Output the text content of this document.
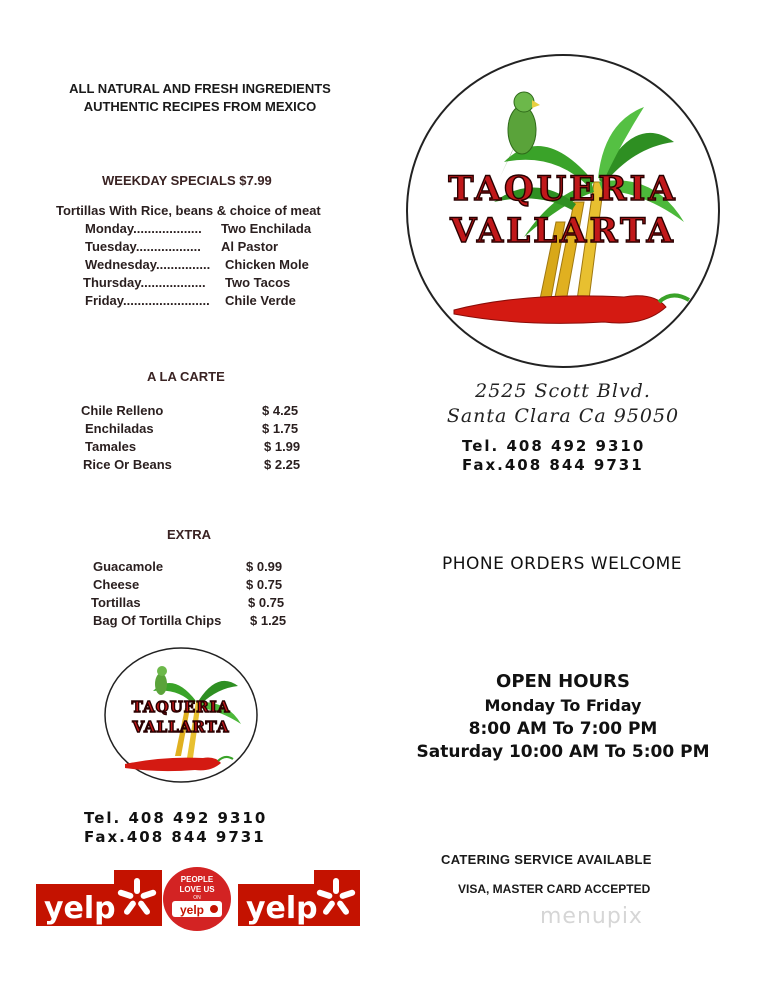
ALL NATURAL AND FRESH INGREDIENTS
AUTHENTIC RECIPES FROM MEXICO
WEEKDAY SPECIALS $7.99
Tortillas With Rice, beans & choice of meat
Monday................... Two Enchilada
Tuesday.................. Al Pastor
Wednesday............... Chicken Mole
Thursday.................. Two Tacos
Friday........................ Chile Verde
A LA CARTE
Chile Relleno	$ 4.25
Enchiladas	$ 1.75
Tamales	$ 1.99
Rice Or Beans	$ 2.25
EXTRA
Guacamole	$ 0.99
Cheese	$ 0.75
Tortillas	$ 0.75
Bag Of Tortilla Chips $ 1.25
TAQUERIA
VALLARTA
2525 Scott Blvd.
Santa Clara Ca 95050
Tel. 408 492 9310
Fax.408 844 9731
PHONE ORDERS WELCOME
OPEN HOURS
Monday To Friday
8:00 AM To 7:00 PM
Saturday 10:00 AM To 5:00 PM
CATERING SERVICE AVAILABLE
VISA, MASTER CARD ACCEPTED
TAQUERIA
VALLARTA
Tel. 408 492 9310
Fax.408 844 9731
yelp
PEOPLE
LOVE US
ON
yelp yelp	menupix
